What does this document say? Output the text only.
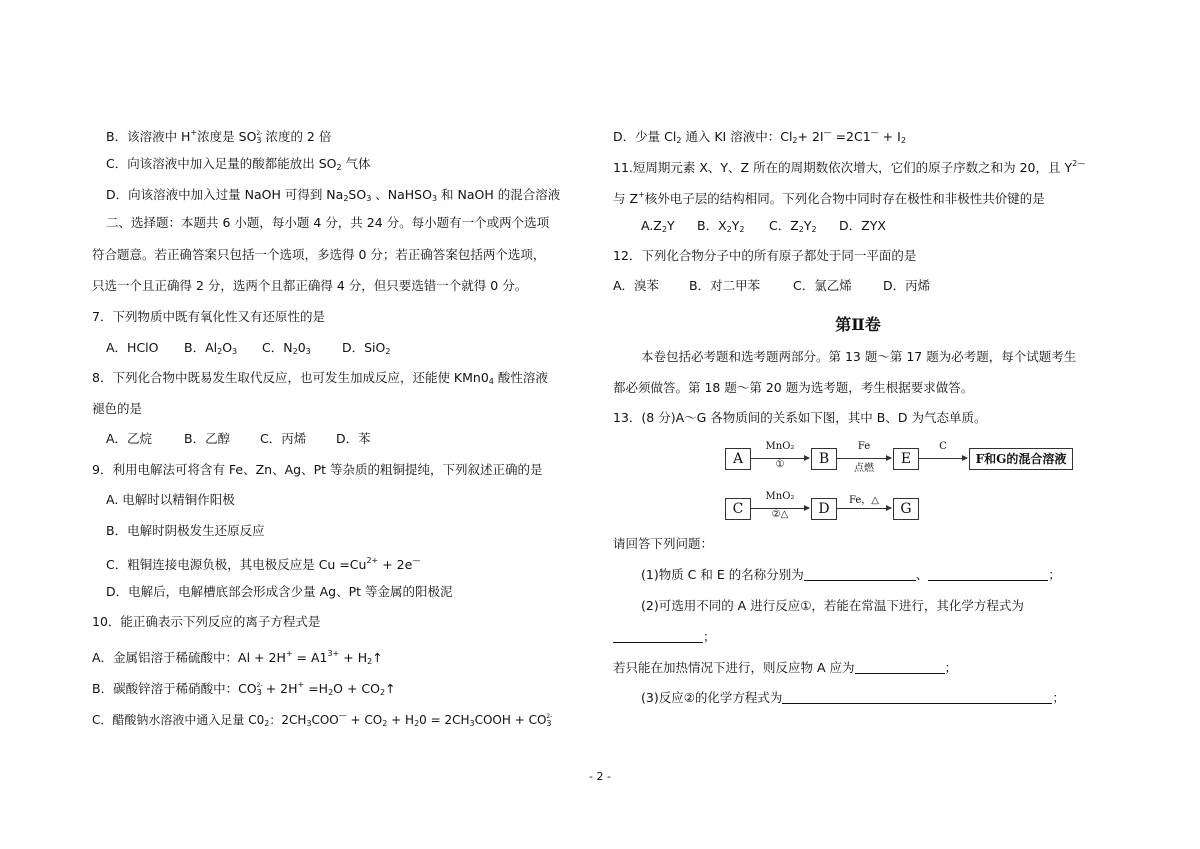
B．该溶液中 H+浓度是 $SO^{2-}_3$ 浓度的 2 倍
C．向该溶液中加入足量的酸都能放出 $SO_2$ 气体
D．向该溶液中加入过量 NaOH 可得到 $Na_2SO_3$ 、NaHSO$_3$ 和 NaOH 的混合溶液
二、选择题：本题共 6 小题，每小题 4 分，共 24 分。每小题有一个或两个选项
符合题意。若正确答案只包括一个选项，多选得 0 分；若正确答案包括两个选项，
只选一个且正确得 2 分，选两个且都正确得 4 分，但只要选错一个就得 0 分。
7．下列物质中既有氧化性又有还原性的是
A．HClO B．Al2O3 C．N203	D．SiO2
8．下列化合物中既易发生取代反应，也可发生加成反应，还能使 $KMn0_4$ 酸性溶液
褪色的是
A．乙烷	B．乙醇 C．丙烯 D．苯
9．利用电解法可将含有 Fe、Zn、Ag、Pt 等杂质的粗铜提纯，下列叙述正确的是
A. 电解时以精铜作阳极
B．电解时阴极发生还原反应
C．粗铜连接电源负极，其电极反应是 $Cu =Cu^{2+} + 2e^—$
D．电解后，电解槽底部会形成含少量 Ag、Pt 等金属的阳极泥
10．能正确表示下列反应的离子方程式是
A．金属铝溶于稀硫酸中：$Al + 2H^+ = A1^{3+}$ + $H_2↑$
B．碳酸锌溶于稀硝酸中：$CO^{2-}_3 + 2H^+ =H_2O$ + $CO_2↑$
C．醋酸钠水溶液中通入足量 $C0_2$：$2CH_3COO^— + CO_2 + H_20$ = $2CH_3COOH + CO^{2-}_3$
D．少量 $Cl_2$ 通入 KI 溶液中：$Cl_2+ 2I^— =2C1^— + I_2$
11.短周期元素 X、Y、Z 所在的周期数依次增大，它们的原子序数之和为 20，且 $Y^{2—}$
与 Z+核外电子层的结构相同。下列化合物中同时存在极性和非极性共价键的是
A.Z2Y B．X2Y2 C．Z2Y2 D．ZYX
12．下列化合物分子中的所有原子都处于同一平面的是
A．溴苯 B．对二甲苯	C．氯乙烯	D．丙烯
第Ⅱ卷
本卷包括必考题和选考题两部分。第 13 题～第 17 题为必考题，每个试题考生
都必须做答。第 18 题～第 20 题为选考题，考生根据要求做答。
13．(8 分)A～G 各物质间的关系如下图，其中 B、D 为气态单质。
A
MnO₂
①	B
Fe
点燃
E
C
F和G的混合溶液
C
MnO₂
②△	D
Fe，△
G
请回答下列问题：
(1)物质 C 和 E 的名称分别为	、	；
(2)可选用不同的 A 进行反应①，若能在常温下进行，其化学方程式为
；
若只能在加热情况下进行，则反应物 A 应为	；
(3)反应②的化学方程式为	；
- 2 -
